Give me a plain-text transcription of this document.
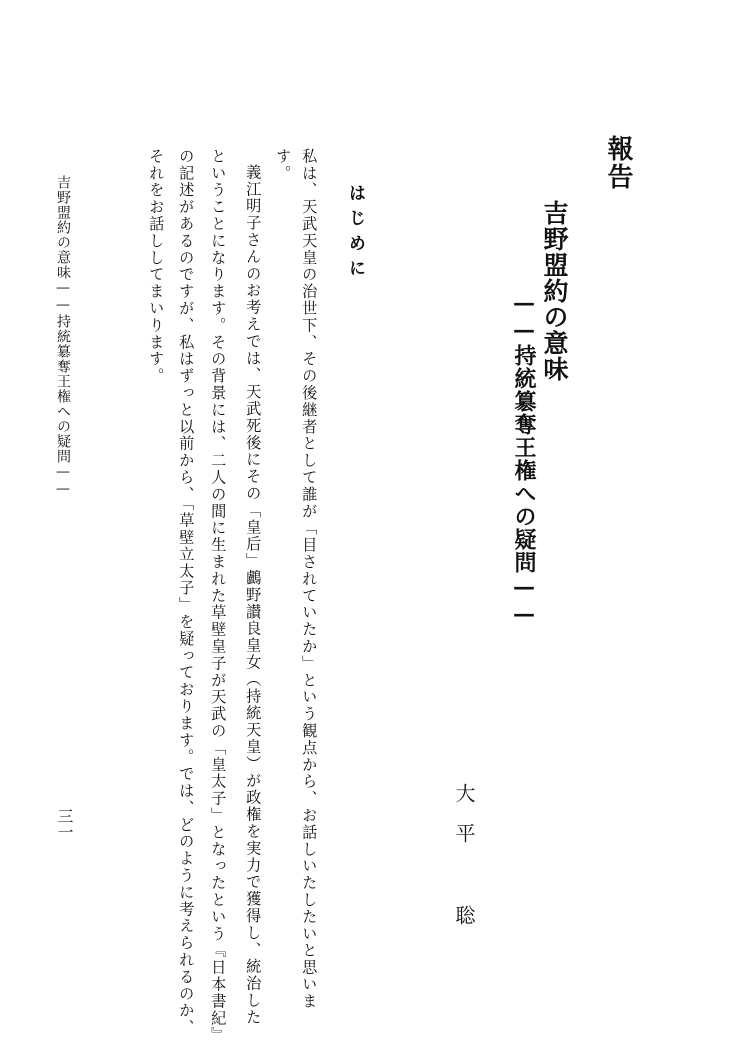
報告
吉野盟約の意味
——持統簒奪王権への疑問——
大　平
聡
はじめに
私は、天武天皇の治世下、その後継者として誰が「目されていたか」という観点から、お話しいたしたいと思いま
す。
義江明子さんのお考えでは、天武死後にその「皇后」鸕野讃良皇女（持統天皇）が政権を実力で獲得し、統治した
ということになります。その背景には、二人の間に生まれた草壁皇子が天武の「皇太子」となったという『日本書紀』
の記述があるのですが、私はずっと以前から、「草壁立太子」を疑っております。では、どのように考えられるのか、
それをお話ししてまいります。
吉野盟約の意味——持統簒奪王権への疑問——
三一
